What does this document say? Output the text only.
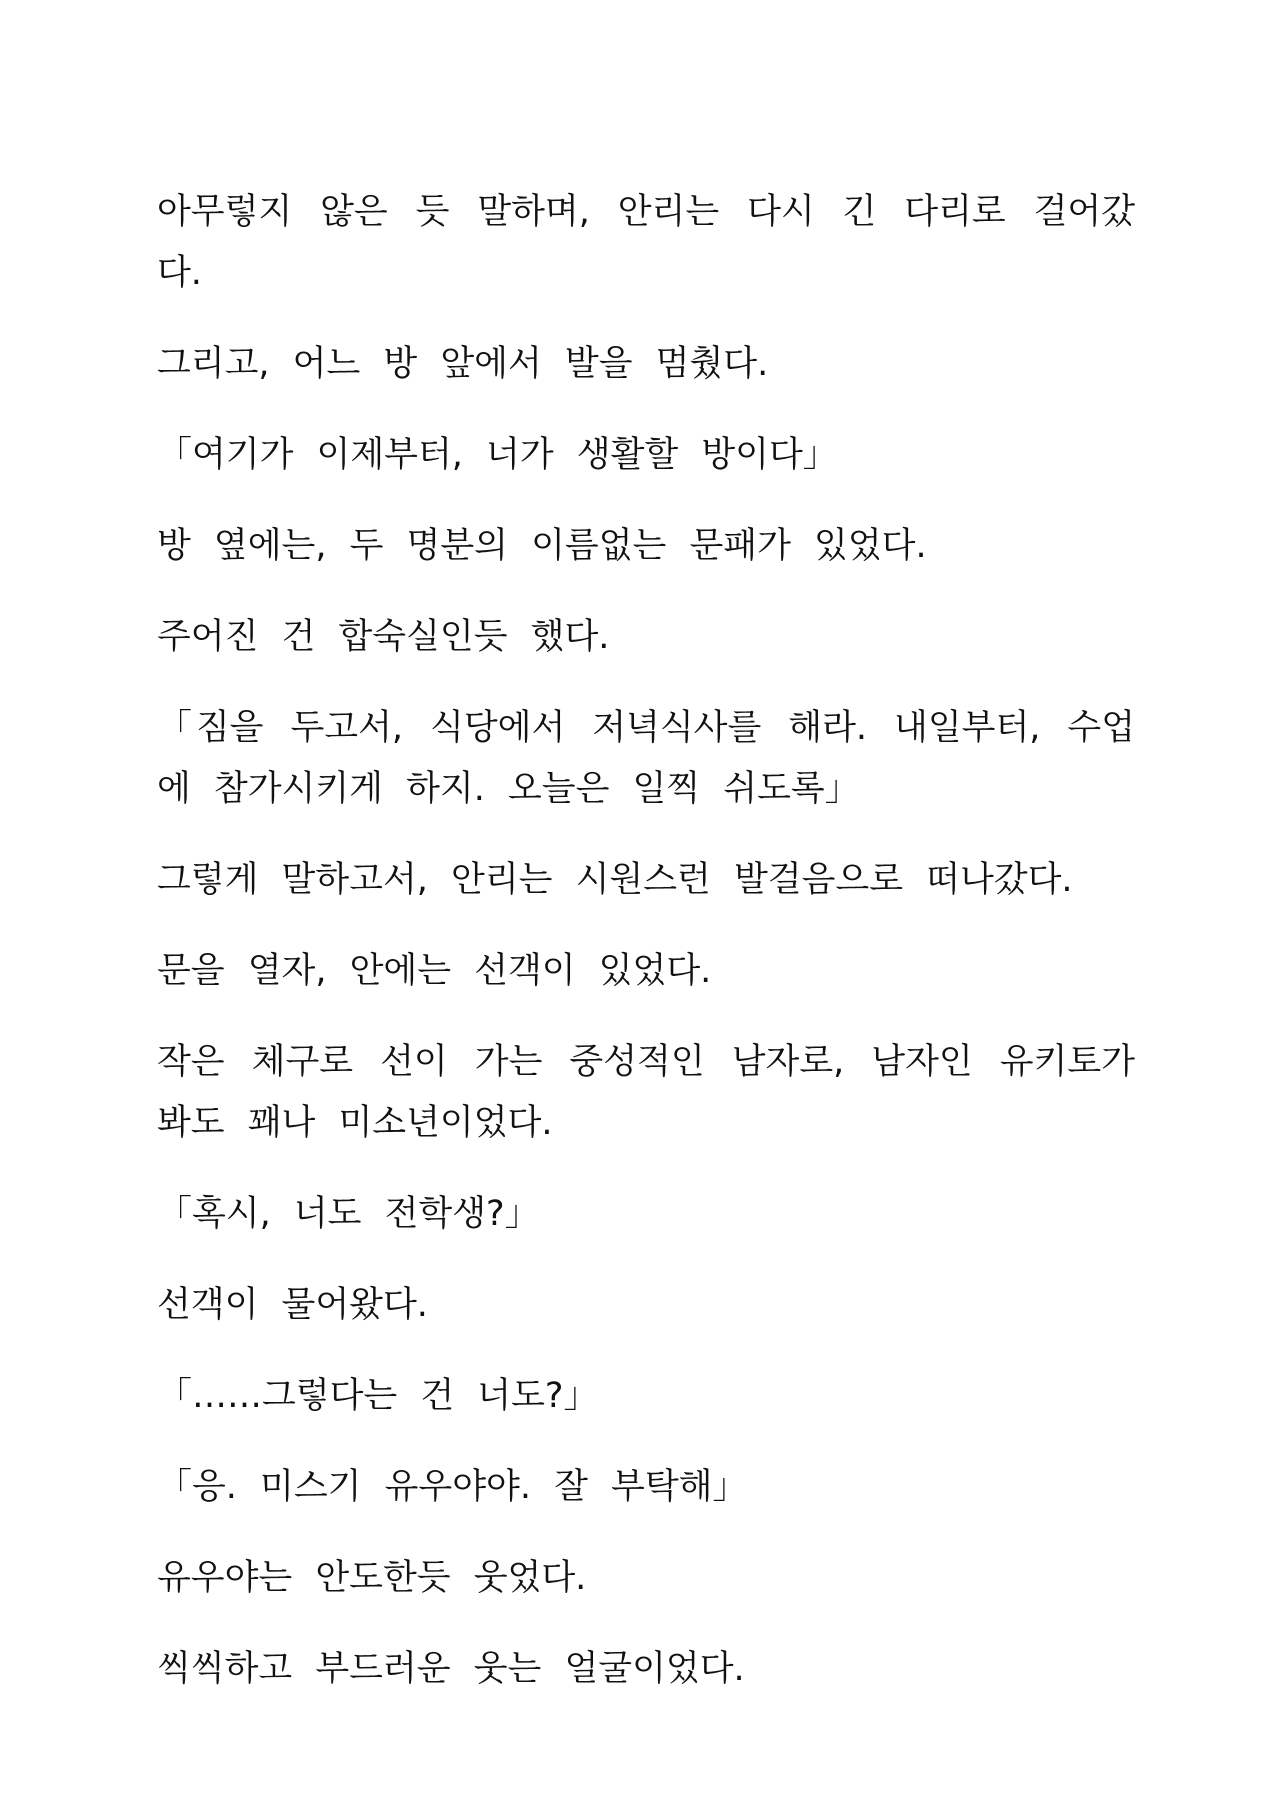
아무렇지 않은 듯 말하며, 안리는 다시 긴 다리로 걸어갔다.

그리고, 어느 방 앞에서 발을 멈췄다.

「여기가 이제부터, 너가 생활할 방이다」

방 옆에는, 두 명분의 이름없는 문패가 있었다.

주어진 건 합숙실인듯 했다.

「짐을 두고서, 식당에서 저녁식사를 해라. 내일부터, 수업에 참가시키게 하지. 오늘은 일찍 쉬도록」

그렇게 말하고서, 안리는 시원스런 발걸음으로 떠나갔다.

문을 열자, 안에는 선객이 있었다.

작은 체구로 선이 가는 중성적인 남자로, 남자인 유키토가 봐도 꽤나 미소년이었다.

「혹시, 너도 전학생?」

선객이 물어왔다.

「……그렇다는 건 너도?」

「응. 미스기 유우야야. 잘 부탁해」

유우야는 안도한듯 웃었다.

씩씩하고 부드러운 웃는 얼굴이었다.
